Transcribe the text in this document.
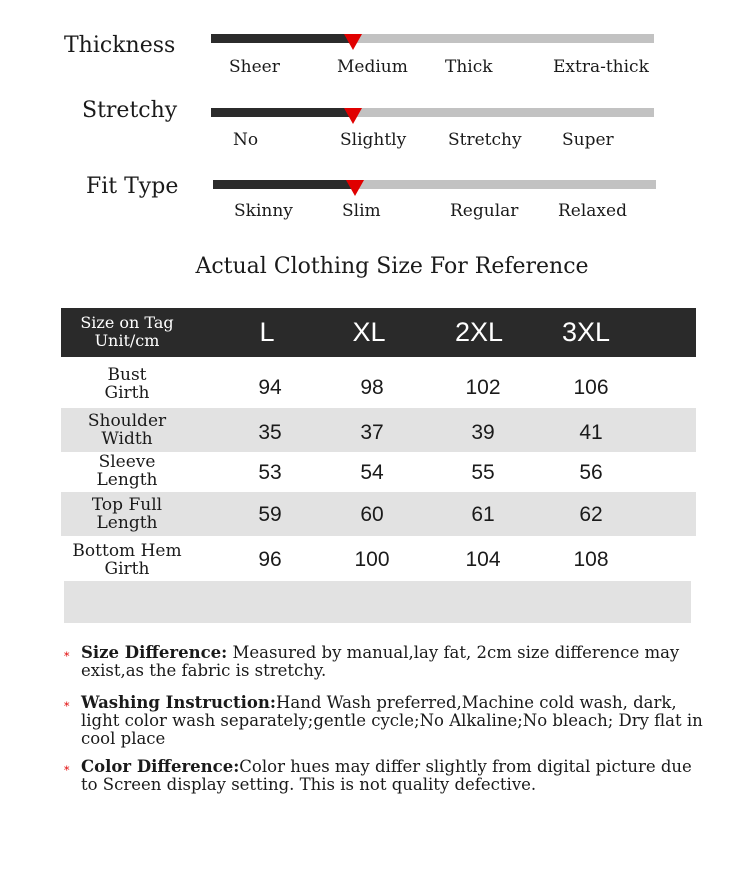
Thickness
Sheer	Medium Thick	Extra-thick
Stretchy
No	Slightly Stretchy Super
Fit Type
Skinny	Slim	Regular Relaxed
Actual Clothing Size For Reference
Size on Tag
Unit/cm	L	XL	2XL	3XL
Bust
Girth	94	98	102	106
Shoulder
Width	35	37	39	41
Sleeve
Length	53	54	55	56
Top Full
Length	59	60	61	62
Bottom Hem
Girth	96	100	104	108
* Size Difference: Measured by manual,lay fat, 2cm size difference may exist,as the fabric is stretchy.
* Washing Instruction:Hand Wash preferred,Machine cold wash, dark, light color wash separately;gentle cycle;No Alkaline;No bleach; Dry flat in cool place
* Color Difference:Color hues may differ slightly from digital picture due to Screen display setting. This is not quality defective.
